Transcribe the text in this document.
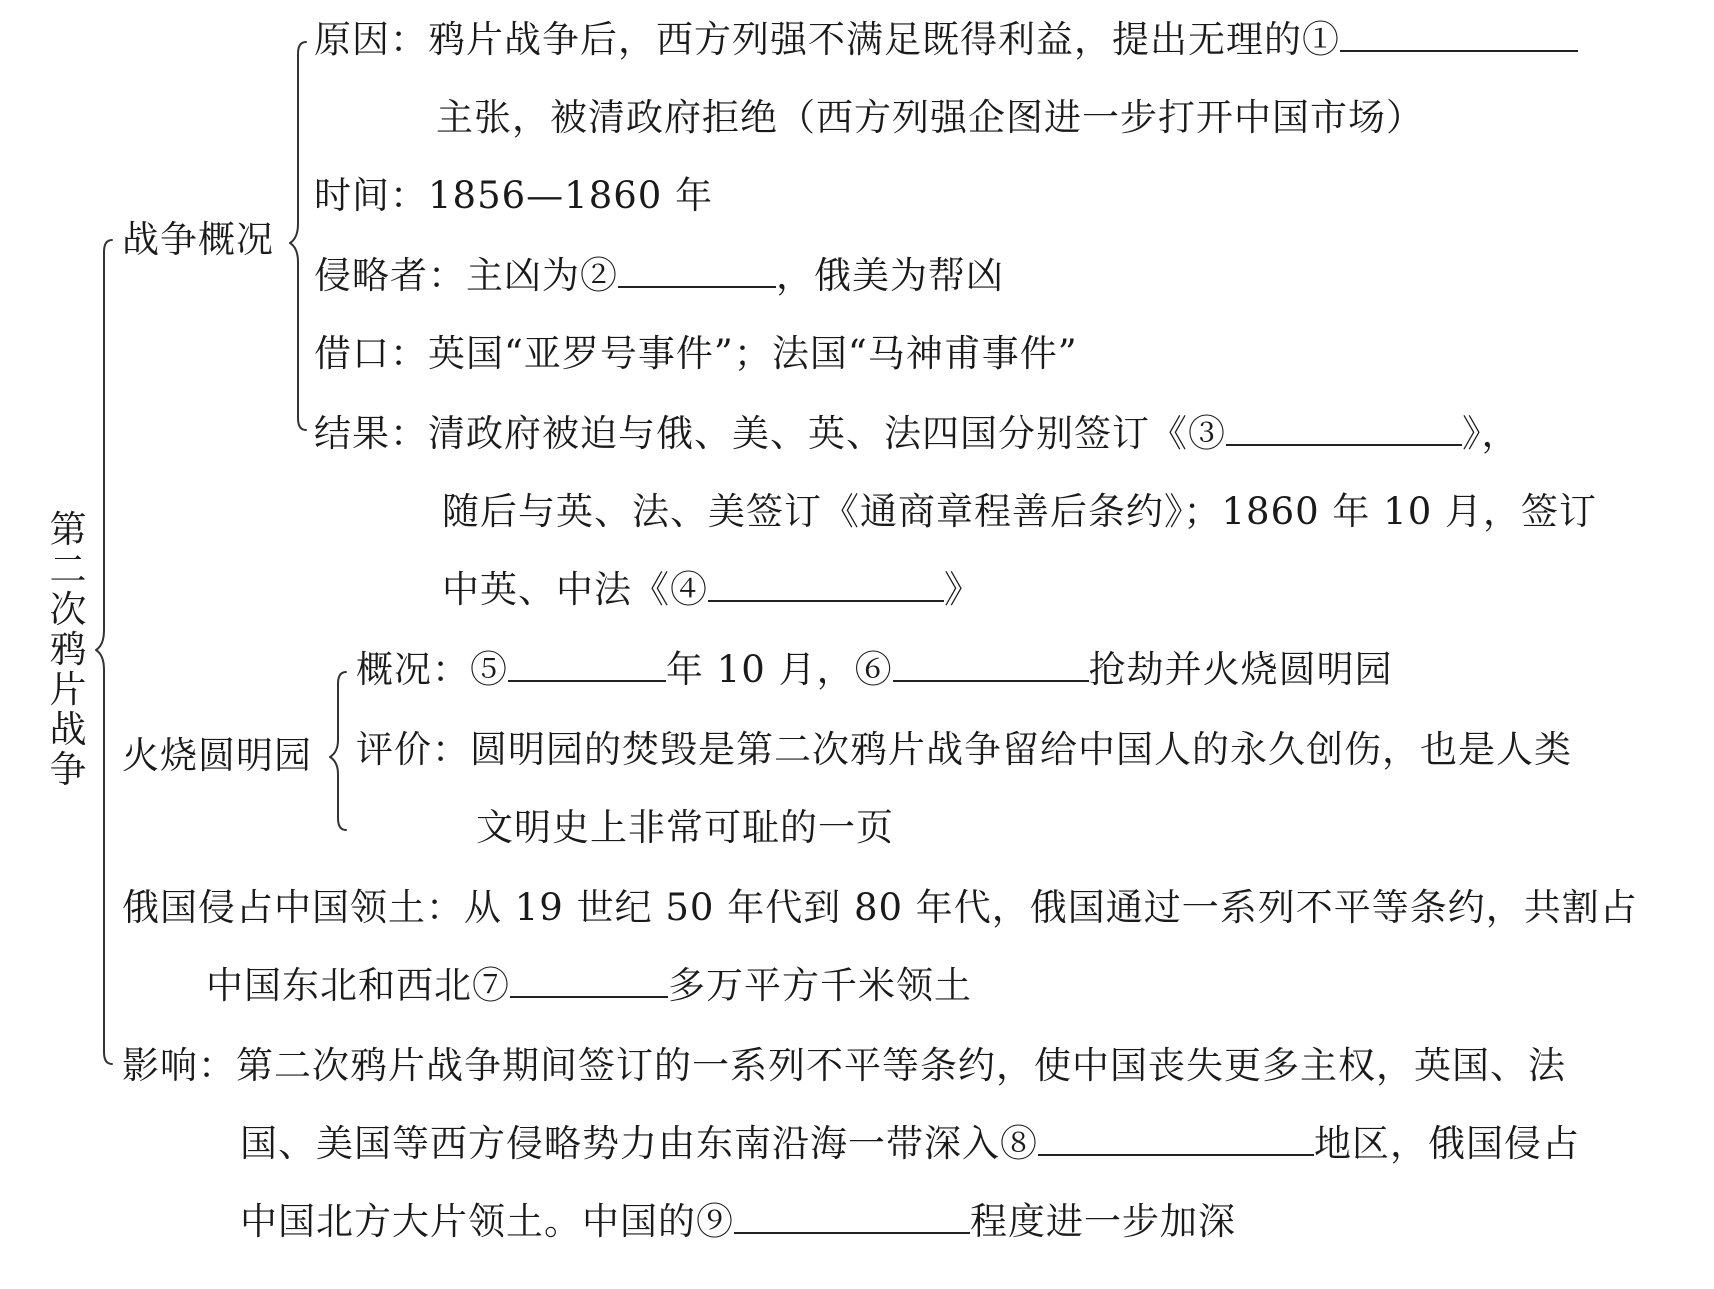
第二次鸦片战争
战争概况
原因：鸦片战争后，西方列强不满足既得利益，提出无理的①
主张，被清政府拒绝（西方列强企图进一步打开中国市场）
时间：1856—1860 年
侵略者：主凶为②	，俄美为帮凶
借口：英国“亚罗号事件”；法国“马神甫事件”
结果：清政府被迫与俄、美、英、法四国分别签订《③	》，
随后与英、法、美签订《通商章程善后条约》；1860 年 10 月，签订
中英、中法《④	》
火烧圆明园
概况：⑤	年 10 月，⑥	抢劫并火烧圆明园
评价：圆明园的焚毁是第二次鸦片战争留给中国人的永久创伤，也是人类
文明史上非常可耻的一页
俄国侵占中国领土：从 19 世纪 50 年代到 80 年代，俄国通过一系列不平等条约，共割占
中国东北和西北⑦	多万平方千米领土
影响：第二次鸦片战争期间签订的一系列不平等条约，使中国丧失更多主权，英国、法
国、美国等西方侵略势力由东南沿海一带深入⑧	地区，俄国侵占
中国北方大片领土。中国的⑨	程度进一步加深
